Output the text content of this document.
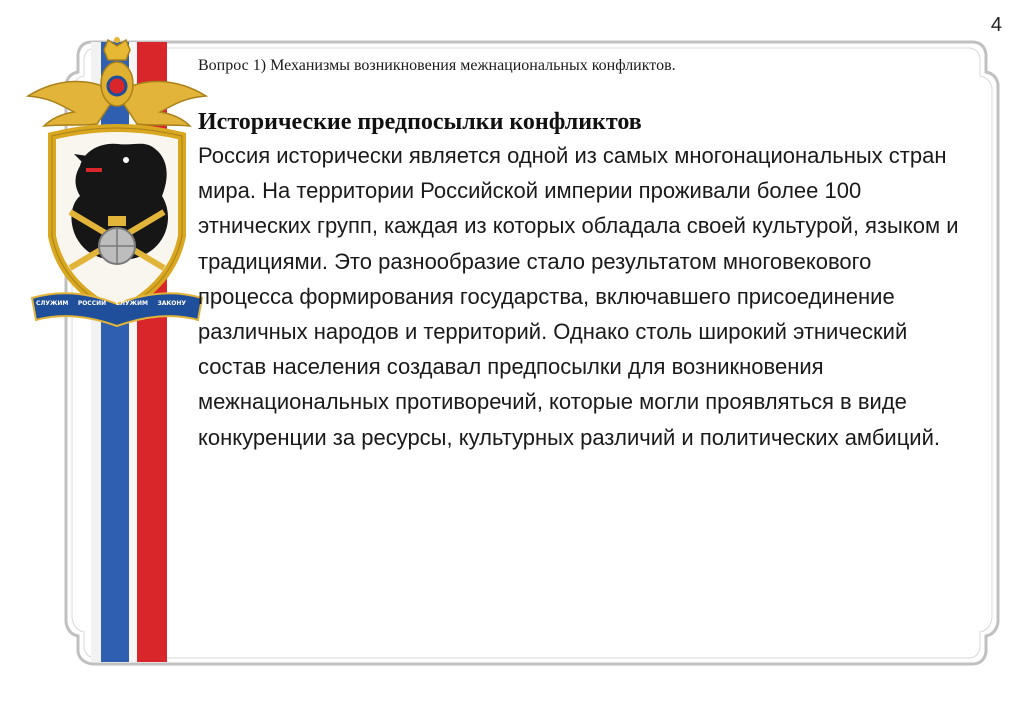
4
СЛУЖИМ РОССИИ СЛУЖИМ ЗАКОНУ

Вопрос 1) Механизмы возникновения межнациональных конфликтов.

Исторические предпосылки конфликтов

Россия исторически является одной из самых многонациональных стран мира. На территории Российской империи проживали более 100 этнических групп, каждая из которых обладала своей культурой, языком и традициями. Это разнообразие стало результатом многовекового процесса формирования государства, включавшего присоединение различных народов и территорий. Однако столь широкий этнический состав населения создавал предпосылки для возникновения межнациональных противоречий, которые могли проявляться в виде конкуренции за ресурсы, культурных различий и политических амбиций.
